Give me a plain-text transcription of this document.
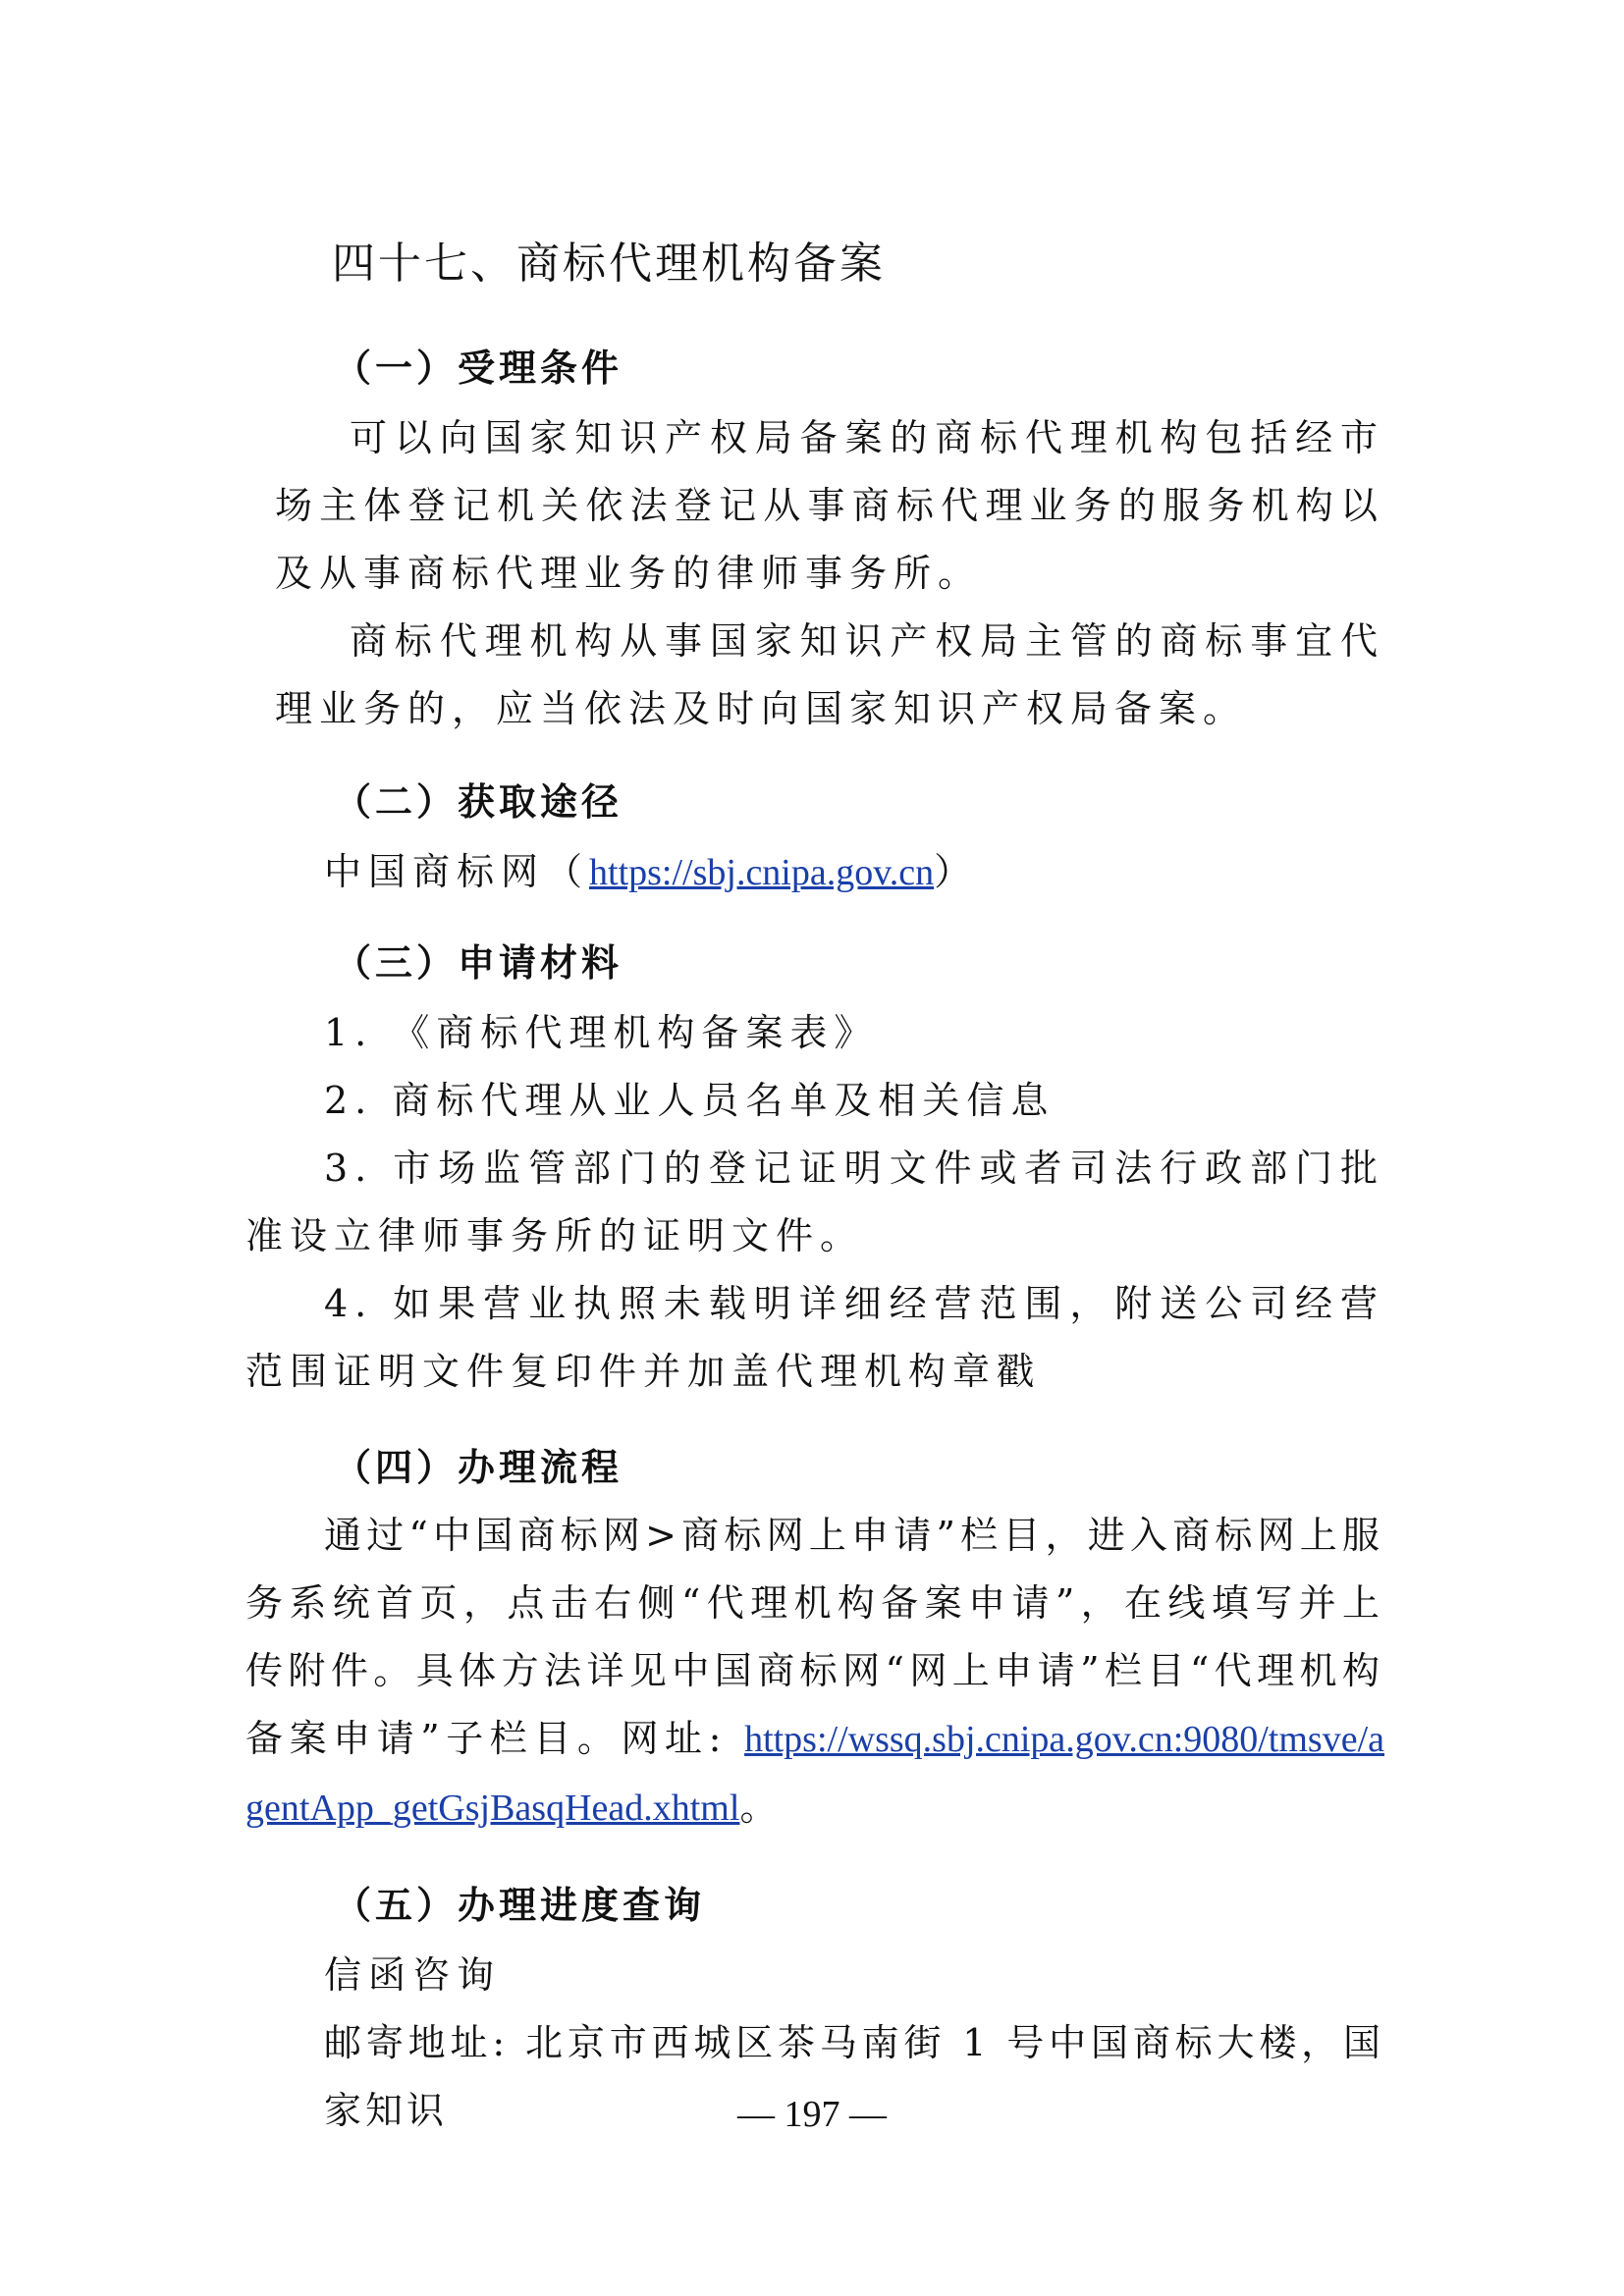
四十七、商标代理机构备案
（一）受理条件

可以向国家知识产权局备案的商标代理机构包括经市场主体登记机关依法登记从事商标代理业务的服务机构以及从事商标代理业务的律师事务所。

商标代理机构从事国家知识产权局主管的商标事宜代理业务的，应当依法及时向国家知识产权局备案。

（二）获取途径

中国商标网（https://sbj.cnipa.gov.cn）

（三）申请材料

1. 《商标代理机构备案表》

2. 商标代理从业人员名单及相关信息

3. 市场监管部门的登记证明文件或者司法行政部门批准设立律师事务所的证明文件。

4. 如果营业执照未载明详细经营范围，附送公司经营范围证明文件复印件并加盖代理机构章戳

（四）办理流程

通过“中国商标网>商标网上申请”栏目，进入商标网上服务系统首页，点击右侧“代理机构备案申请”，在线填写并上传附件。具体方法详见中国商标网“网上申请”栏目“代理机构备案申请”子栏目。网址: https://wssq.sbj.cnipa.gov.cn:9080/tmsve/agentApp_getGsjBasqHead.xhtml。

（五）办理进度查询

信函咨询

邮寄地址: 北京市西城区茶马南街 1 号中国商标大楼，国家知识	— 197 —
